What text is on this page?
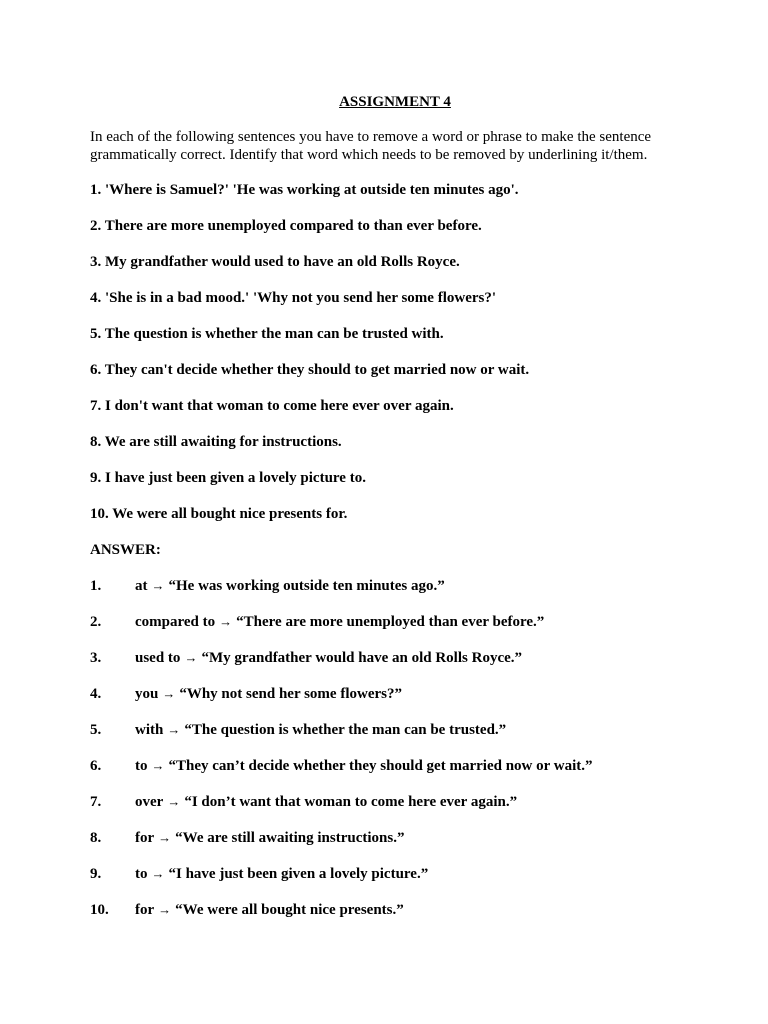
ASSIGNMENT 4
In each of the following sentences you have to remove a word or phrase to make the sentence grammatically correct. Identify that word which needs to be removed by underlining it/them.
1. 'Where is Samuel?' 'He was working at outside ten minutes ago'.
2. There are more unemployed compared to than ever before.
3. My grandfather would used to have an old Rolls Royce.
4. 'She is in a bad mood.' 'Why not you send her some flowers?'
5. The question is whether the man can be trusted with.
6. They can't decide whether they should to get married now or wait.
7. I don't want that woman to come here ever over again.
8. We are still awaiting for instructions.
9. I have just been given a lovely picture to.
10. We were all bought nice presents for.
ANSWER:
1.	at → “He was working outside ten minutes ago.”
2.	compared to → “There are more unemployed than ever before.”
3.	used to → “My grandfather would have an old Rolls Royce.”
4.	you → “Why not send her some flowers?”
5.	with → “The question is whether the man can be trusted.”
6.	to → “They can’t decide whether they should get married now or wait.”
7.	over → “I don’t want that woman to come here ever again.”
8.	for → “We are still awaiting instructions.”
9.	to → “I have just been given a lovely picture.”
10.	for → “We were all bought nice presents.”
